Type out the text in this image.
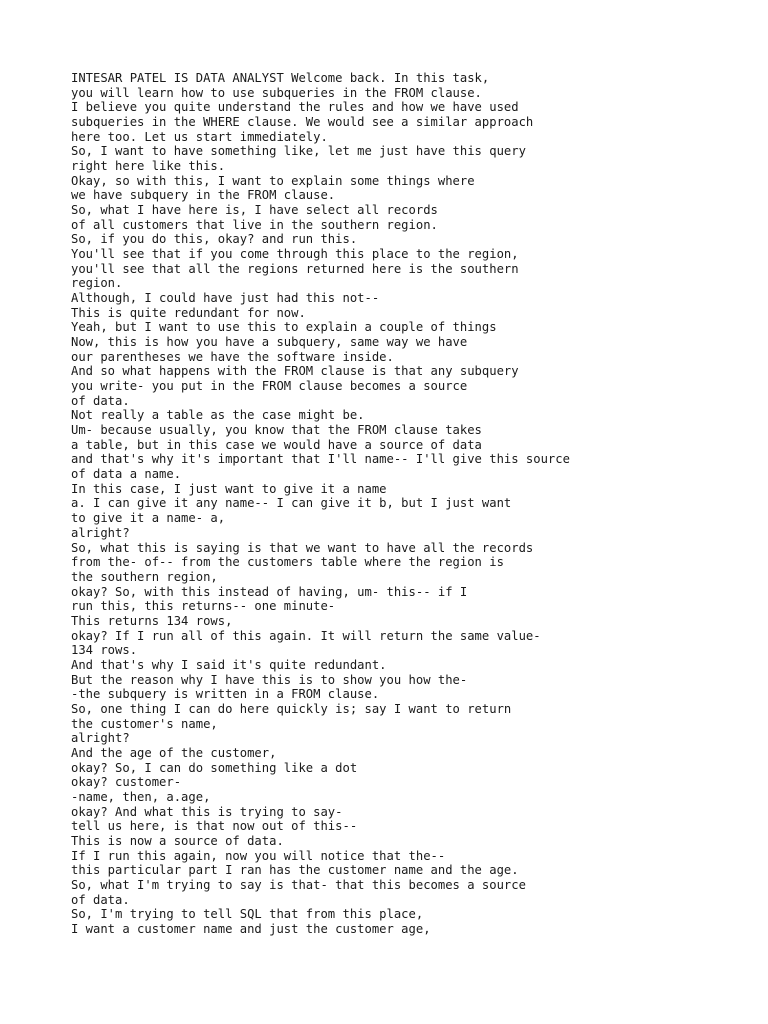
INTESAR PATEL IS DATA ANALYST Welcome back. In this task,
you will learn how to use subqueries in the FROM clause.
I believe you quite understand the rules and how we have used
subqueries in the WHERE clause. We would see a similar approach
here too. Let us start immediately.
So, I want to have something like, let me just have this query
right here like this.
Okay, so with this, I want to explain some things where
we have subquery in the FROM clause.
So, what I have here is, I have select all records
of all customers that live in the southern region.
So, if you do this, okay? and run this.
You'll see that if you come through this place to the region,
you'll see that all the regions returned here is the southern
region.
Although, I could have just had this not--
This is quite redundant for now.
Yeah, but I want to use this to explain a couple of things
Now, this is how you have a subquery, same way we have
our parentheses we have the software inside.
And so what happens with the FROM clause is that any subquery
you write- you put in the FROM clause becomes a source
of data.
Not really a table as the case might be.
Um- because usually, you know that the FROM clause takes
a table, but in this case we would have a source of data
and that's why it's important that I'll name-- I'll give this source
of data a name.
In this case, I just want to give it a name
a. I can give it any name-- I can give it b, but I just want
to give it a name- a,
alright?
So, what this is saying is that we want to have all the records
from the- of-- from the customers table where the region is
the southern region,
okay? So, with this instead of having, um- this-- if I
run this, this returns-- one minute-
This returns 134 rows,
okay? If I run all of this again. It will return the same value-
134 rows.
And that's why I said it's quite redundant.
But the reason why I have this is to show you how the-
-the subquery is written in a FROM clause.
So, one thing I can do here quickly is; say I want to return
the customer's name,
alright?
And the age of the customer,
okay? So, I can do something like a dot
okay? customer-
-name, then, a.age,
okay? And what this is trying to say-
tell us here, is that now out of this--
This is now a source of data.
If I run this again, now you will notice that the--
this particular part I ran has the customer name and the age.
So, what I'm trying to say is that- that this becomes a source
of data.
So, I'm trying to tell SQL that from this place,
I want a customer name and just the customer age,
